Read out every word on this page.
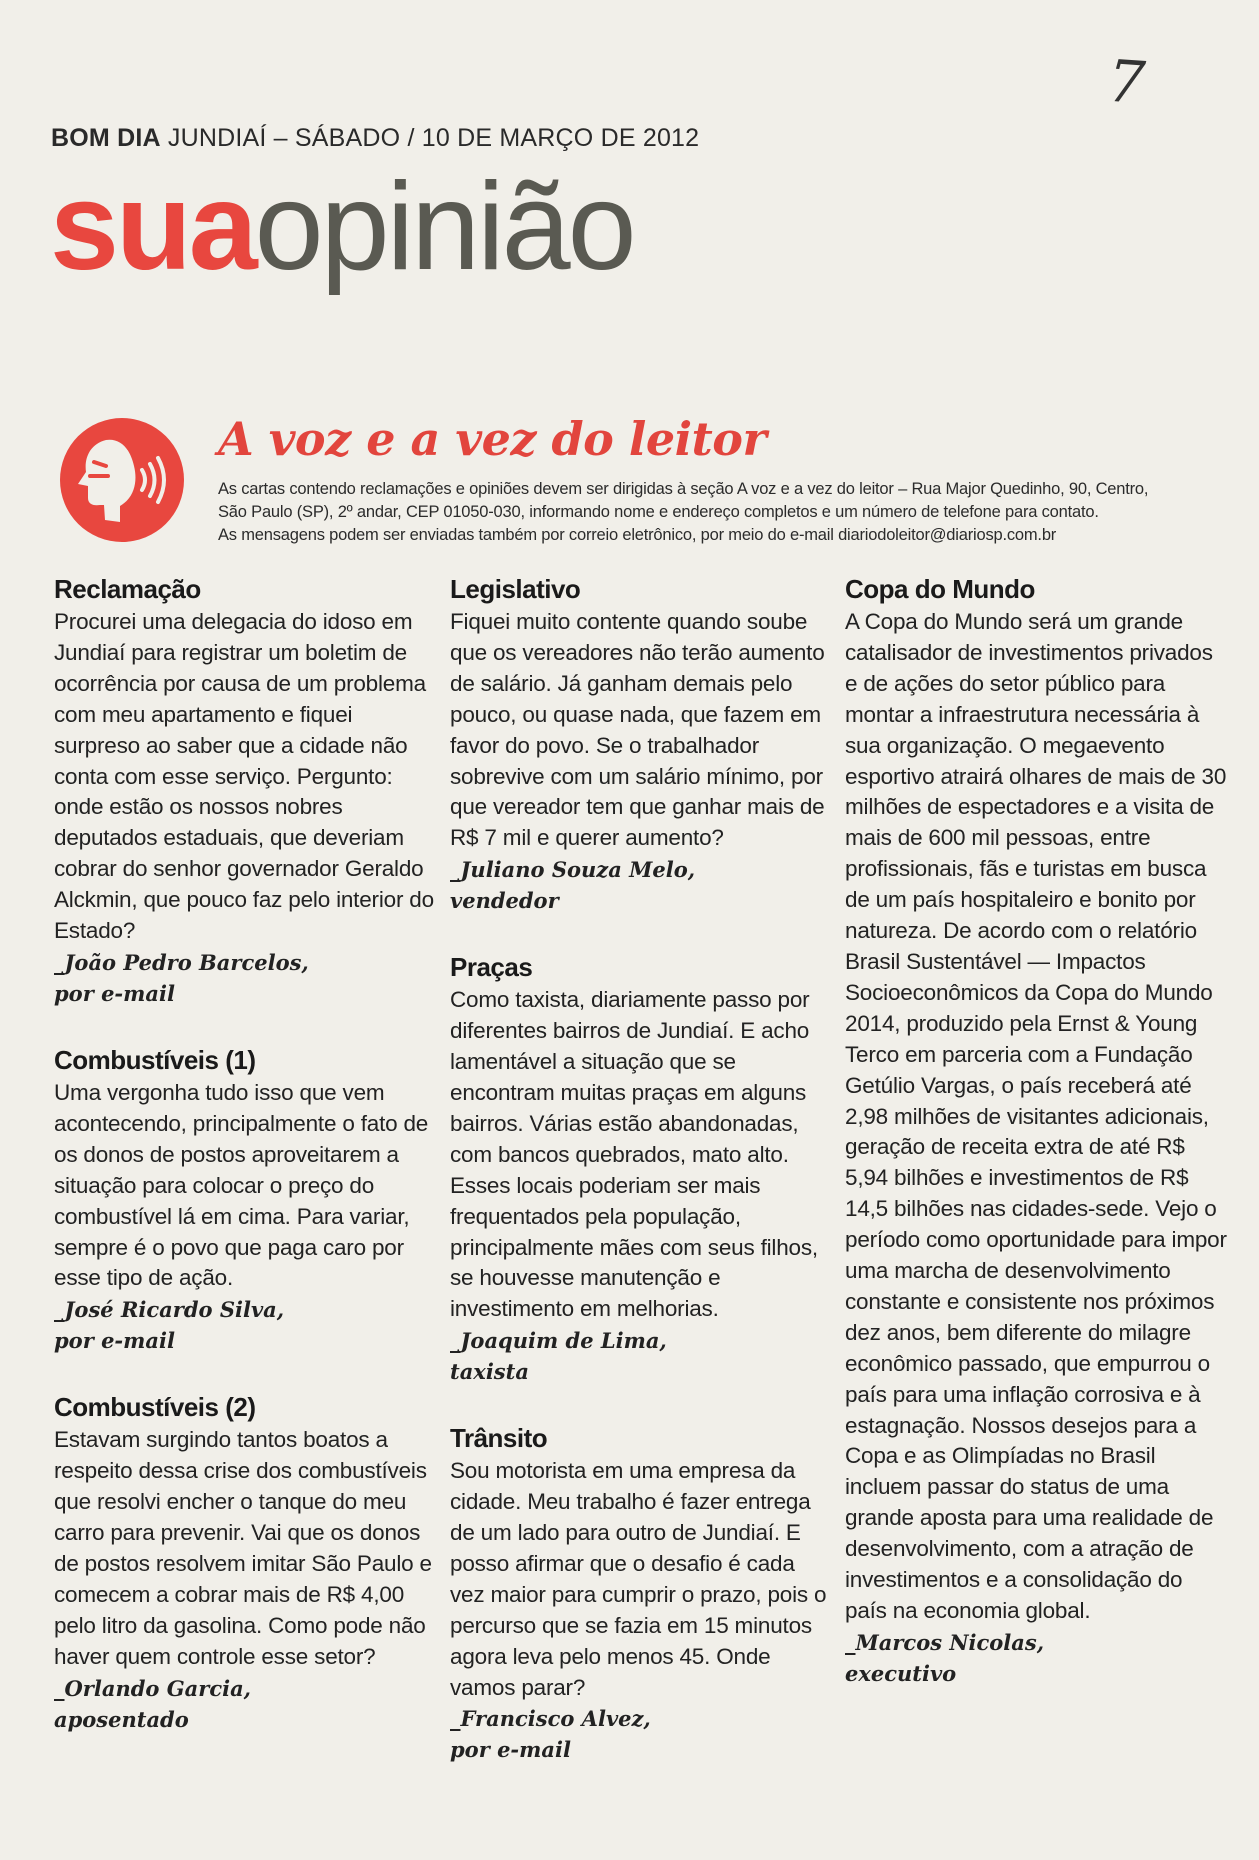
7
BOM DIA JUNDIAÍ – SÁBADO / 10 DE MARÇO DE 2012
suaopinião
A voz e a vez do leitor

As cartas contendo reclamações e opiniões devem ser dirigidas à seção A voz e a vez do leitor – Rua Major Quedinho, 90, Centro,

São Paulo (SP), 2º andar, CEP 01050-030, informando nome e endereço completos e um número de telefone para contato.

As mensagens podem ser enviadas também por correio eletrônico, por meio do e-mail diariodoleitor@diariosp.com.br

Reclamação

Procurei uma delegacia do idoso em Jundiaí para registrar um boletim de ocorrência por causa de um problema com meu apartamento e fiquei surpreso ao saber que a cidade não conta com esse serviço. Pergunto: onde estão os nossos nobres deputados estaduais, que deveriam cobrar do senhor governador Geraldo Alckmin, que pouco faz pelo interior do Estado?

_ João Pedro Barcelos,

por e-mail

Combustíveis (1)

Uma vergonha tudo isso que vem acontecendo, principalmente o fato de os donos de postos aproveitarem a situação para colocar o preço do combustível lá em cima. Para variar, sempre é o povo que paga caro por esse tipo de ação.

_ José Ricardo Silva,

por e-mail

Combustíveis (2)

Estavam surgindo tantos boatos a respeito dessa crise dos combustíveis que resolvi encher o tanque do meu carro para prevenir. Vai que os donos de postos resolvem imitar São Paulo e comecem a cobrar mais de R$ 4,00 pelo litro da gasolina. Como pode não haver quem controle esse setor?

_ Orlando Garcia,

aposentado

Legislativo

Fiquei muito contente quando soube que os vereadores não terão aumento de salário. Já ganham demais pelo pouco, ou quase nada, que fazem em favor do povo. Se o trabalhador sobrevive com um salário mínimo, por que vereador tem que ganhar mais de R$ 7 mil e querer aumento?

_ Juliano Souza Melo,

vendedor

Praças

Como taxista, diariamente passo por diferentes bairros de Jundiaí. E acho lamentável a situação que se encontram muitas praças em alguns bairros. Várias estão abandonadas, com bancos quebrados, mato alto. Esses locais poderiam ser mais frequentados pela população, principalmente mães com seus filhos, se houvesse manutenção e investimento em melhorias.

_ Joaquim de Lima,

taxista

Trânsito

Sou motorista em uma empresa da cidade. Meu trabalho é fazer entrega de um lado para outro de Jundiaí. E posso afirmar que o desafio é cada vez maior para cumprir o prazo, pois o percurso que se fazia em 15 minutos agora leva pelo menos 45. Onde vamos parar?

_ Francisco Alvez,

por e-mail

Copa do Mundo

A Copa do Mundo será um grande catalisador de investimentos privados e de ações do setor público para montar a infraestrutura necessária à sua organização. O megaevento esportivo atrairá olhares de mais de 30 milhões de espectadores e a visita de mais de 600 mil pessoas, entre profissionais, fãs e turistas em busca de um país hospitaleiro e bonito por natureza. De acordo com o relatório Brasil Sustentável — Impactos Socioeconômicos da Copa do Mundo 2014, produzido pela Ernst & Young Terco em parceria com a Fundação Getúlio Vargas, o país receberá até 2,98 milhões de visitantes adicionais, geração de receita extra de até R$ 5,94 bilhões e investimentos de R$ 14,5 bilhões nas cidades-sede. Vejo o período como oportunidade para impor uma marcha de desenvolvimento constante e consistente nos próximos dez anos, bem diferente do milagre econômico passado, que empurrou o país para uma inflação corrosiva e à estagnação. Nossos desejos para a Copa e as Olimpíadas no Brasil incluem passar do status de uma grande aposta para uma realidade de desenvolvimento, com a atração de investimentos e a consolidação do país na economia global.

_ Marcos Nicolas,

executivo
